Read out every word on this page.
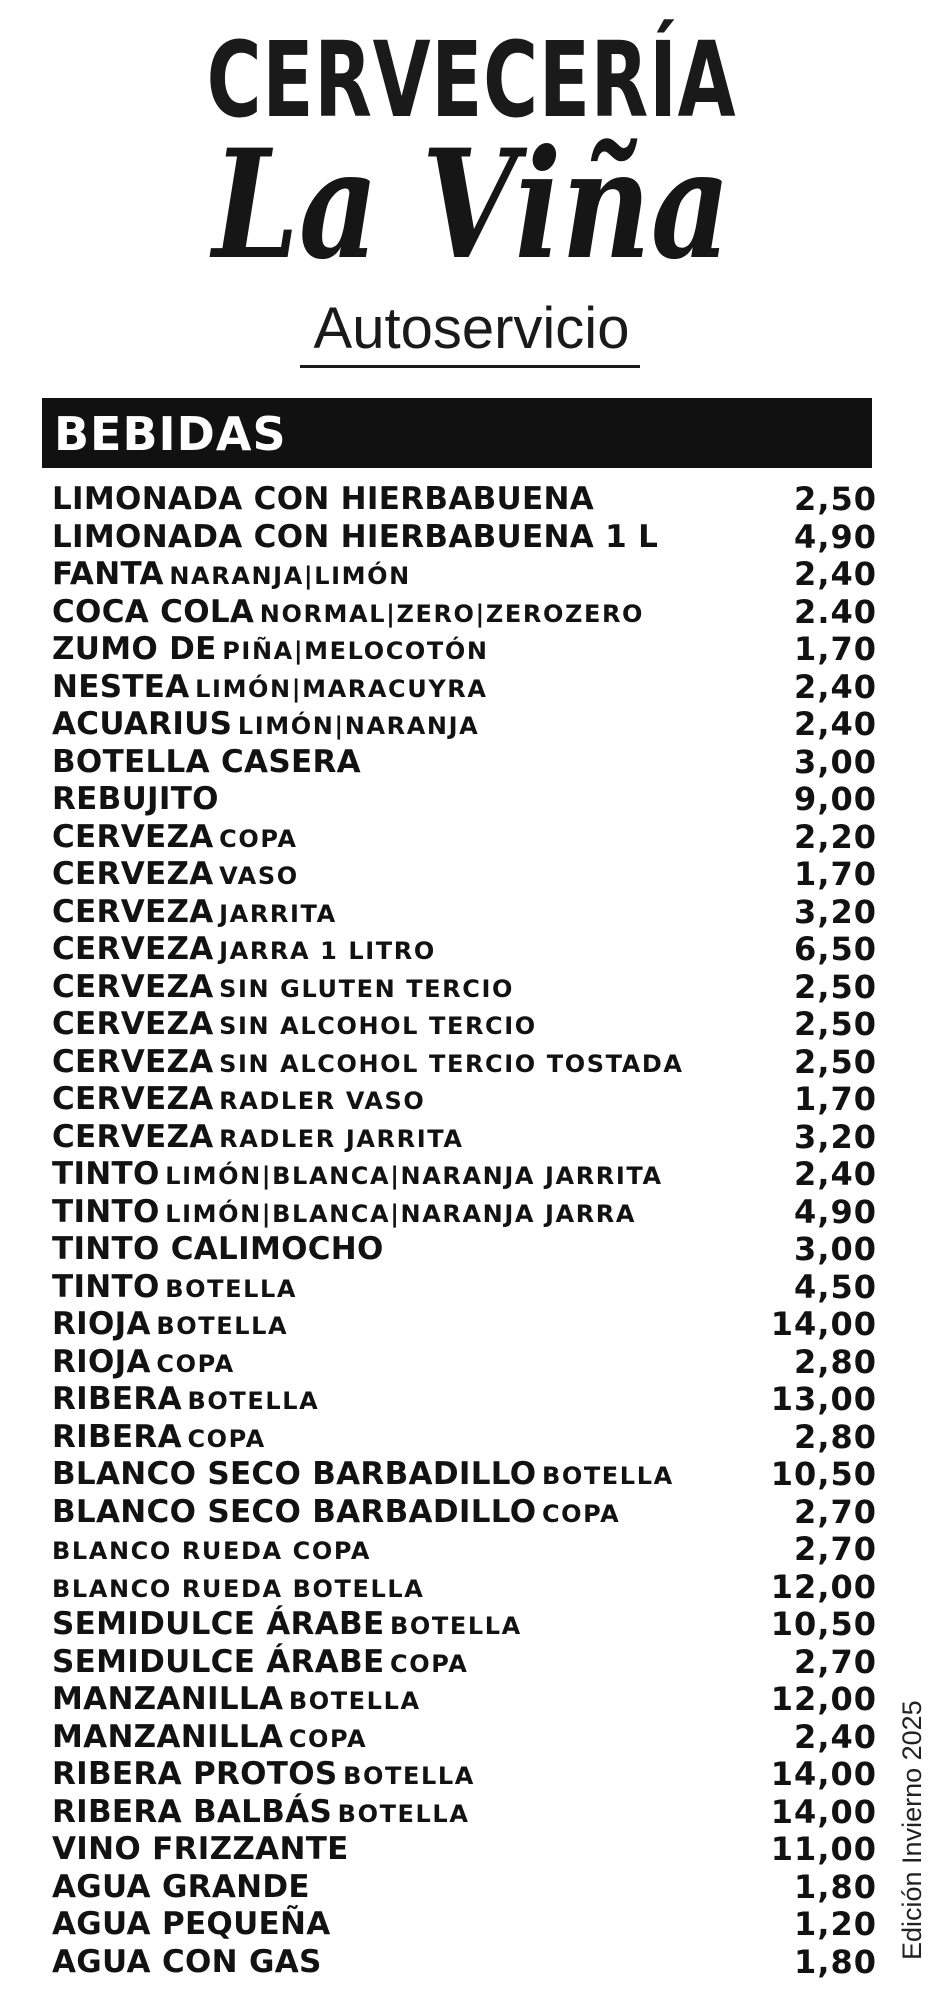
CERVECERÍA
La Viña
Autoservicio
BEBIDAS
LIMONADA CON HIERBABUENA	2,50
LIMONADA CON HIERBABUENA 1 L	4,90
FANTA NARANJA|LIMÓN	2,40
COCA COLA NORMAL|ZERO|ZEROZERO	2.40
ZUMO DE PIÑA|MELOCOTÓN	1,70
NESTEA LIMÓN|MARACUYRA	2,40
ACUARIUS LIMÓN|NARANJA	2,40
BOTELLA CASERA	3,00
REBUJITO	9,00
CERVEZA COPA	2,20
CERVEZA VASO	1,70
CERVEZA JARRITA	3,20
CERVEZA JARRA 1 LITRO	6,50
CERVEZA SIN GLUTEN TERCIO	2,50
CERVEZA SIN ALCOHOL TERCIO	2,50
CERVEZA SIN ALCOHOL TERCIO TOSTADA	2,50
CERVEZA RADLER VASO	1,70
CERVEZA RADLER JARRITA	3,20
TINTO LIMÓN|BLANCA|NARANJA JARRITA	2,40
TINTO LIMÓN|BLANCA|NARANJA JARRA	4,90
TINTO CALIMOCHO	3,00
TINTO BOTELLA	4,50
RIOJA BOTELLA	14,00
RIOJA COPA	2,80
RIBERA BOTELLA	13,00
RIBERA COPA	2,80
BLANCO SECO BARBADILLO BOTELLA	10,50
BLANCO SECO BARBADILLO COPA	2,70
BLANCO RUEDA COPA	2,70
BLANCO RUEDA BOTELLA	12,00
SEMIDULCE ÁRABE BOTELLA	10,50
SEMIDULCE ÁRABE COPA	2,70
MANZANILLA BOTELLA	12,00
MANZANILLA COPA	2,40
RIBERA PROTOS BOTELLA	14,00
RIBERA BALBÁS BOTELLA	14,00
VINO FRIZZANTE	11,00
AGUA GRANDE	1,80
AGUA PEQUEÑA	1,20
AGUA CON GAS	1,80
Edición Invierno 2025
